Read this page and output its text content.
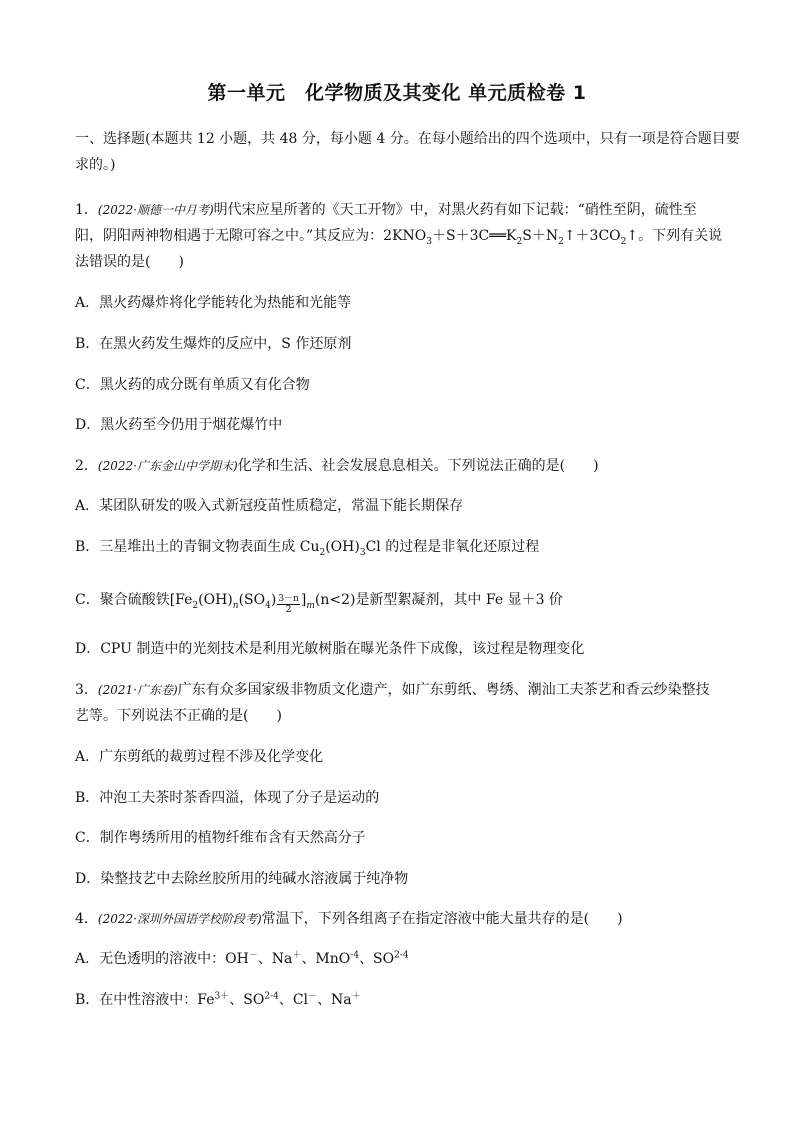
第一单元　化学物质及其变化 单元质检卷 1
一、选择题(本题共 12 小题，共 48 分，每小题 4 分。在每小题给出的四个选项中，只有一项是符合题目要
求的。)
1．(2022·顺德一中月考)明代宋应星所著的《天工开物》中，对黑火药有如下记载：“硝性至阴，硫性至
阳，阴阳两神物相遇于无隙可容之中。”其反应为：$2KNO_3+S+3C══K_2S+N_2↑+3CO_2↑$。下列有关说
法错误的是(　　)
A．黑火药爆炸将化学能转化为热能和光能等
B．在黑火药发生爆炸的反应中，S 作还原剂
C．黑火药的成分既有单质又有化合物
D．黑火药至今仍用于烟花爆竹中
2．(2022·广东金山中学期末)化学和生活、社会发展息息相关。下列说法正确的是(　　)
A．某团队研发的吸入式新冠疫苗性质稳定，常温下能长期保存
B．三星堆出土的青铜文物表面生成 $Cu_2(OH)_3Cl$ 的过程是非氧化还原过程
C．聚合硫酸铁$[Fe_2(OH)_n(SO_4) \frac{3-n}{2} ]_m(n<2)$是新型絮凝剂，其中 Fe 显＋3 价
D．CPU 制造中的光刻技术是利用光敏树脂在曝光条件下成像，该过程是物理变化
3．(2021·广东卷)广东有众多国家级非物质文化遗产，如广东剪纸、粤绣、潮汕工夫茶艺和香云纱染整技
艺等。下列说法不正确的是(　　)
A．广东剪纸的裁剪过程不涉及化学变化
B．冲泡工夫茶时茶香四溢，体现了分子是运动的
C．制作粤绣所用的植物纤维布含有天然高分子
D．染整技艺中去除丝胶所用的纯碱水溶液属于纯净物
4．(2022·深圳外国语学校阶段考)常温下，下列各组离子在指定溶液中能大量共存的是(　　)
A．无色透明的溶液中：OH－、Na＋、MnO$^{-4}$、SO$^{2-4}$
B．在中性溶液中：$Fe^{3+}$、SO$^{2-4}$、Cl－、Na＋
